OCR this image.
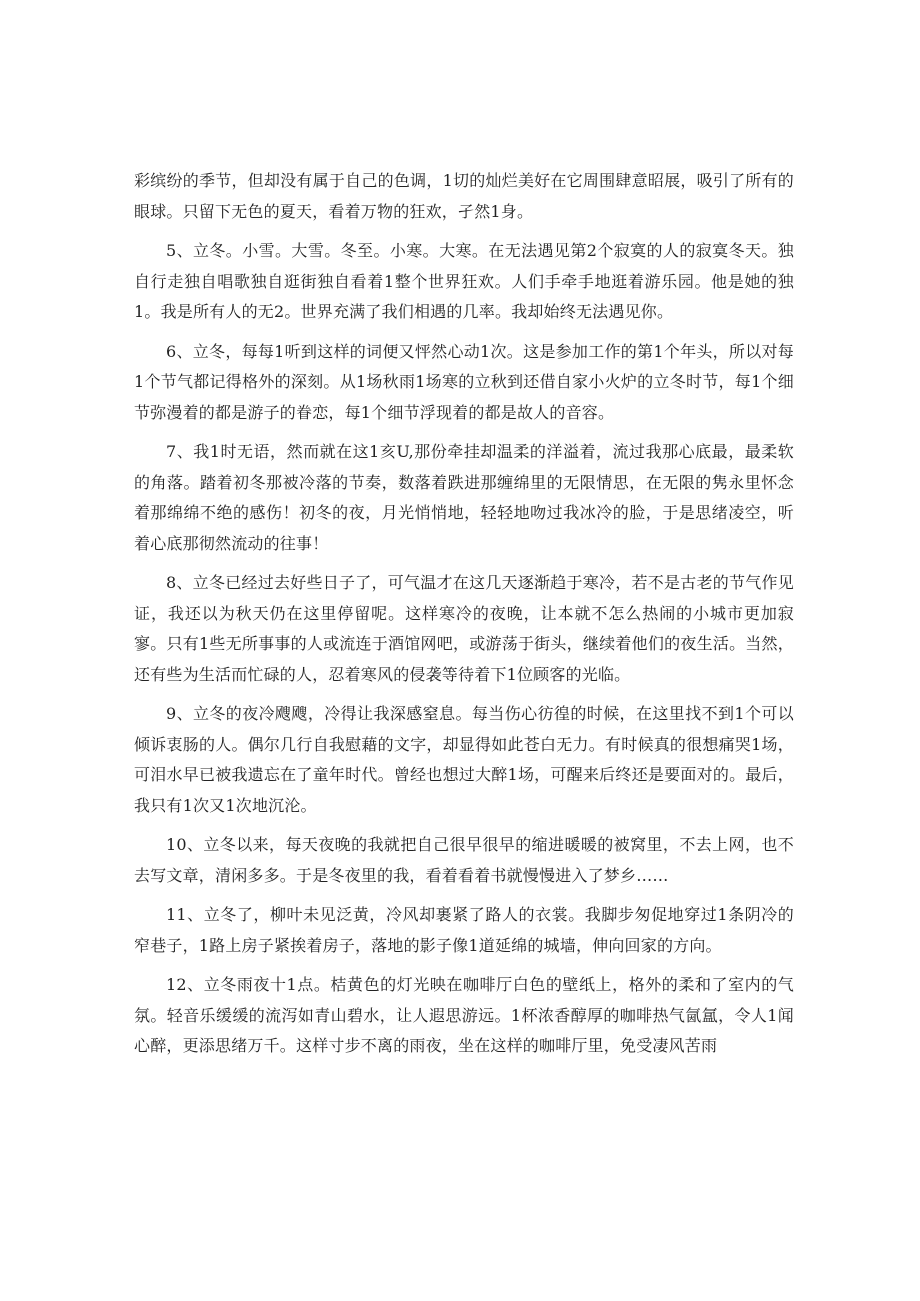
彩缤纷的季节，但却没有属于自己的色调，1切的灿烂美好在它周围肆意昭展，吸引了所有的眼球。只留下无色的夏天，看着万物的狂欢，孑然1身。

5、立冬。小雪。大雪。冬至。小寒。大寒。在无法遇见第2个寂寞的人的寂寞冬天。独自行走独自唱歌独自逛街独自看着1整个世界狂欢。人们手牵手地逛着游乐园。他是她的独1。我是所有人的无2。世界充满了我们相遇的几率。我却始终无法遇见你。

6、立冬，每每1听到这样的词便又怦然心动1次。这是参加工作的第1个年头，所以对每1个节气都记得格外的深刻。从1场秋雨1场寒的立秋到还借自家小火炉的立冬时节，每1个细节弥漫着的都是游子的眷恋，每1个细节浮现着的都是故人的音容。

7、我1时无语，然而就在这1亥U,那份牵挂却温柔的洋溢着，流过我那心底最，最柔软的角落。踏着初冬那被冷落的节奏，数落着跌进那缠绵里的无限情思，在无限的隽永里怀念着那绵绵不绝的感伤！初冬的夜，月光悄悄地，轻轻地吻过我冰冷的脸，于是思绪凌空，听着心底那彻然流动的往事！

8、立冬已经过去好些日子了，可气温才在这几天逐渐趋于寒冷，若不是古老的节气作见证，我还以为秋天仍在这里停留呢。这样寒冷的夜晚，让本就不怎么热闹的小城市更加寂寥。只有1些无所事事的人或流连于酒馆网吧，或游荡于街头，继续着他们的夜生活。当然，还有些为生活而忙碌的人，忍着寒风的侵袭等待着下1位顾客的光临。

9、立冬的夜冷飕飕，冷得让我深感窒息。每当伤心彷徨的时候，在这里找不到1个可以倾诉衷肠的人。偶尔几行自我慰藉的文字，却显得如此苍白无力。有时候真的很想痛哭1场，可泪水早已被我遗忘在了童年时代。曾经也想过大醉1场，可醒来后终还是要面对的。最后，我只有1次又1次地沉沦。

10、立冬以来，每天夜晚的我就把自己很早很早的缩进暖暖的被窝里，不去上网，也不去写文章，清闲多多。于是冬夜里的我，看着看着书就慢慢进入了梦乡……

11、立冬了，柳叶未见泛黄，冷风却裹紧了路人的衣裳。我脚步匆促地穿过1条阴冷的窄巷子，1路上房子紧挨着房子，落地的影子像1道延绵的城墙，伸向回家的方向。

12、立冬雨夜十1点。桔黄色的灯光映在咖啡厅白色的壁纸上，格外的柔和了室内的气氛。轻音乐缓缓的流泻如青山碧水，让人遐思游远。1杯浓香醇厚的咖啡热气氤氲，令人1闻心醉，更添思绪万千。这样寸步不离的雨夜，坐在这样的咖啡厅里，免受凄风苦雨
